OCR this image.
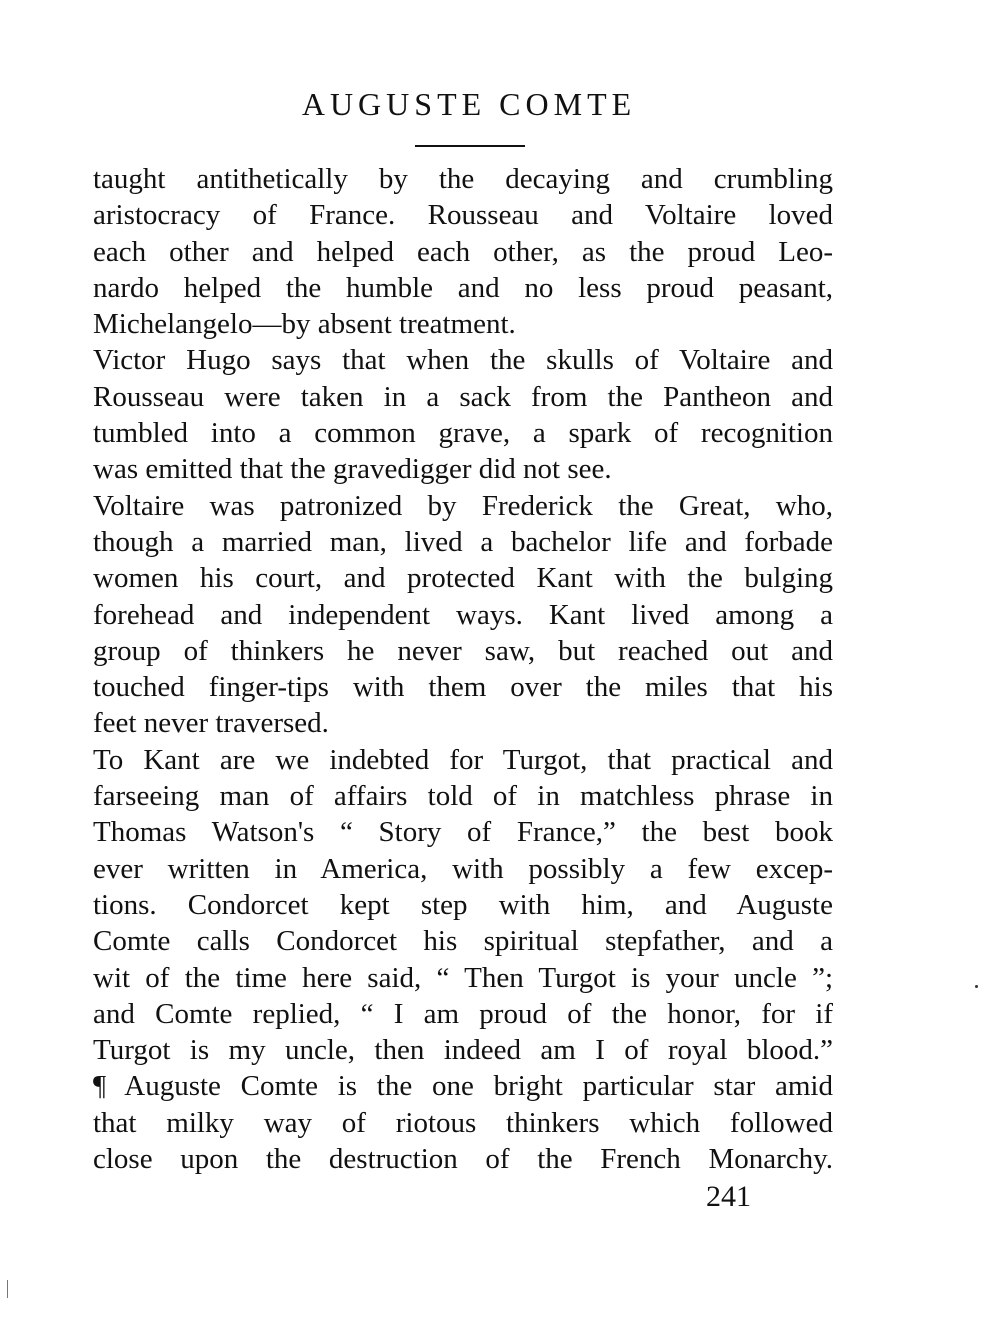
AUGUSTE COMTE
taught antithetically by the decaying and crumbling
aristocracy of France. Rousseau and Voltaire loved
each other and helped each other, as the proud Leo-
nardo helped the humble and no less proud peasant,
Michelangelo—by absent treatment.
Victor Hugo says that when the skulls of Voltaire and
Rousseau were taken in a sack from the Pantheon and
tumbled into a common grave, a spark of recognition
was emitted that the gravedigger did not see.
Voltaire was patronized by Frederick the Great, who,
though a married man, lived a bachelor life and forbade
women his court, and protected Kant with the bulging
forehead and independent ways. Kant lived among a
group of thinkers he never saw, but reached out and
touched finger-tips with them over the miles that his
feet never traversed.
To Kant are we indebted for Turgot, that practical and
farseeing man of affairs told of in matchless phrase in
Thomas Watson's “ Story of France,” the best book
ever written in America, with possibly a few excep-
tions. Condorcet kept step with him, and Auguste
Comte calls Condorcet his spiritual stepfather, and a
wit of the time here said, “ Then Turgot is your uncle ”;
and Comte replied, “ I am proud of the honor, for if
Turgot is my uncle, then indeed am I of royal blood.”
¶ Auguste Comte is the one bright particular star amid
that milky way of riotous thinkers which followed
close upon the destruction of the French Monarchy.

241
